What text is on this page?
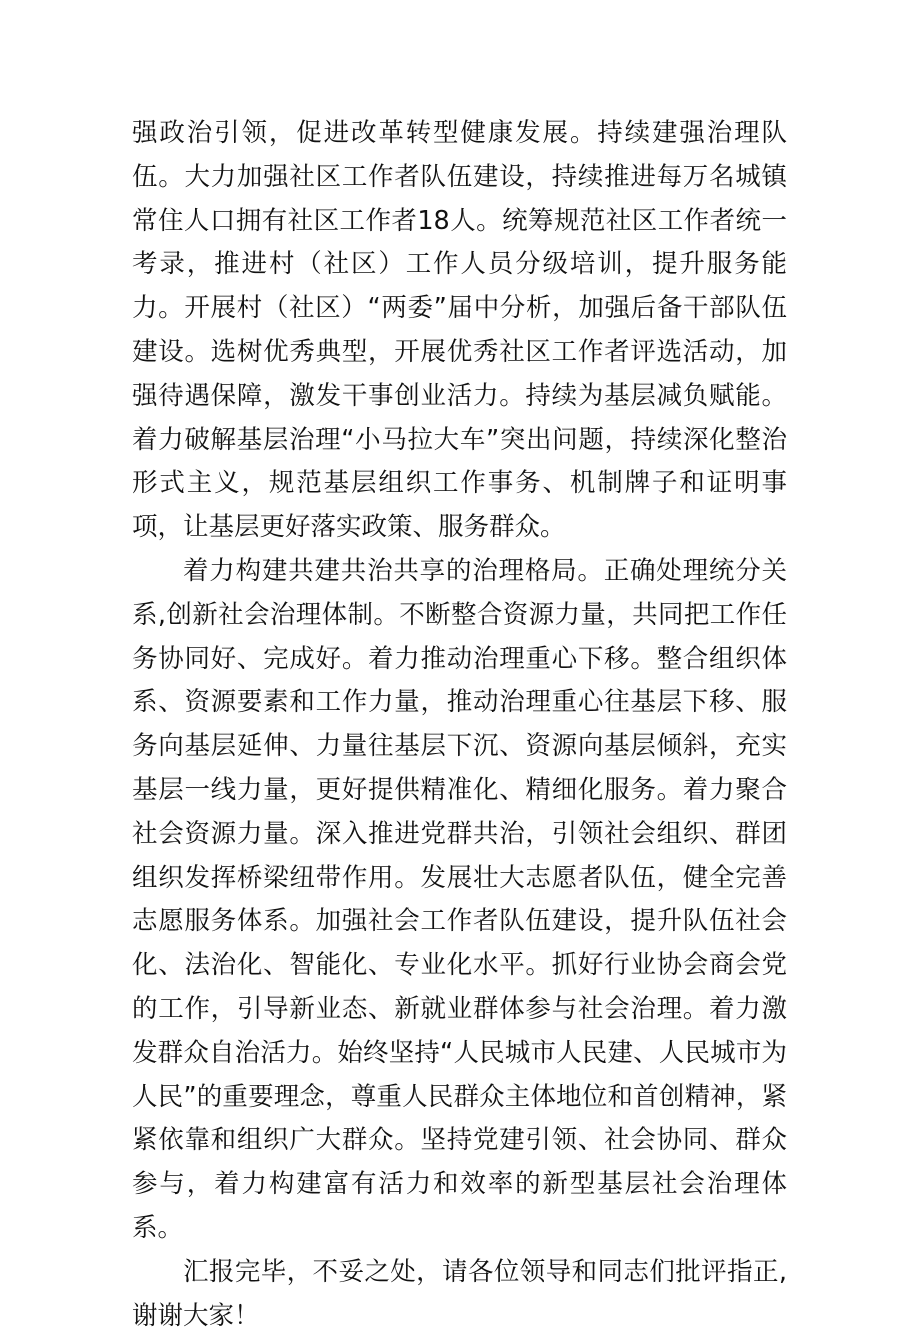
强政治引领，促进改革转型健康发展。持续建强治理队伍。大力加强社区工作者队伍建设，持续推进每万名城镇常住人口拥有社区工作者18人。统筹规范社区工作者统一考录，推进村（社区）工作人员分级培训，提升服务能力。开展村（社区）“两委”届中分析，加强后备干部队伍建设。选树优秀典型，开展优秀社区工作者评选活动，加强待遇保障，激发干事创业活力。持续为基层减负赋能。着力破解基层治理“小马拉大车”突出问题，持续深化整治形式主义，规范基层组织工作事务、机制牌子和证明事项，让基层更好落实政策、服务群众。

着力构建共建共治共享的治理格局。正确处理统分关系,创新社会治理体制。不断整合资源力量，共同把工作任务协同好、完成好。着力推动治理重心下移。整合组织体系、资源要素和工作力量，推动治理重心往基层下移、服务向基层延伸、力量往基层下沉、资源向基层倾斜，充实基层一线力量，更好提供精准化、精细化服务。着力聚合社会资源力量。深入推进党群共治，引领社会组织、群团组织发挥桥梁纽带作用。发展壮大志愿者队伍，健全完善志愿服务体系。加强社会工作者队伍建设，提升队伍社会化、法治化、智能化、专业化水平。抓好行业协会商会党的工作，引导新业态、新就业群体参与社会治理。着力激发群众自治活力。始终坚持“人民城市人民建、人民城市为人民”的重要理念，尊重人民群众主体地位和首创精神，紧紧依靠和组织广大群众。坚持党建引领、社会协同、群众参与，着力构建富有活力和效率的新型基层社会治理体系。

汇报完毕，不妥之处，请各位领导和同志们批评指正,谢谢大家！
